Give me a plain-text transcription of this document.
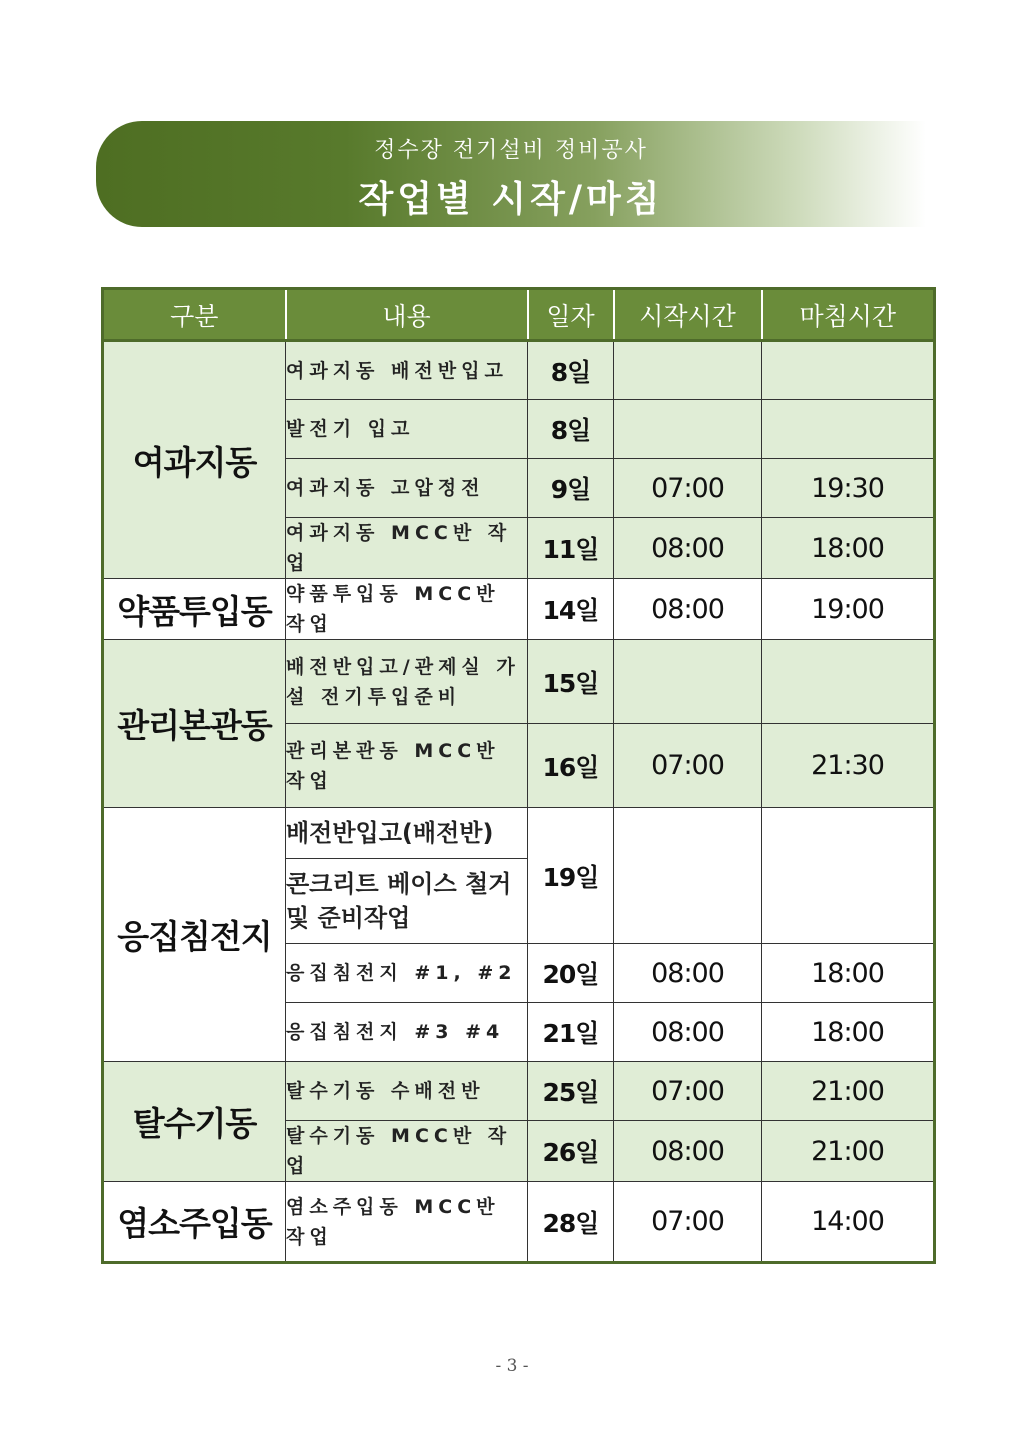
정수장 전기설비 정비공사
작업별 시작/마침
구분	내용	일자	시작시간	마침시간
여과지동	여과지동 배전반입고	8일		
	발전기 입고	8일		
	여과지동 고압정전	9일	07:00	19:30
	여과지동 MCC반 작업	11일	08:00	18:00
약품투입동	약품투입동 MCC반 작업	14일	08:00	19:00
관리본관동	배전반입고/관제실 가설 전기투입준비	15일		
	관리본관동 MCC반 작업	16일	07:00	21:30
응집침전지	배전반입고(배전반)	19일		
	콘크리트 베이스 철거 및 준비작업			
	응집침전지 #1, #2	20일	08:00	18:00
	응집침전지 #3 #4	21일	08:00	18:00
탈수기동	탈수기동 수배전반	25일	07:00	21:00
	탈수기동 MCC반 작업	26일	08:00	21:00
염소주입동	염소주입동 MCC반 작업	28일	07:00	14:00
- 3 -
